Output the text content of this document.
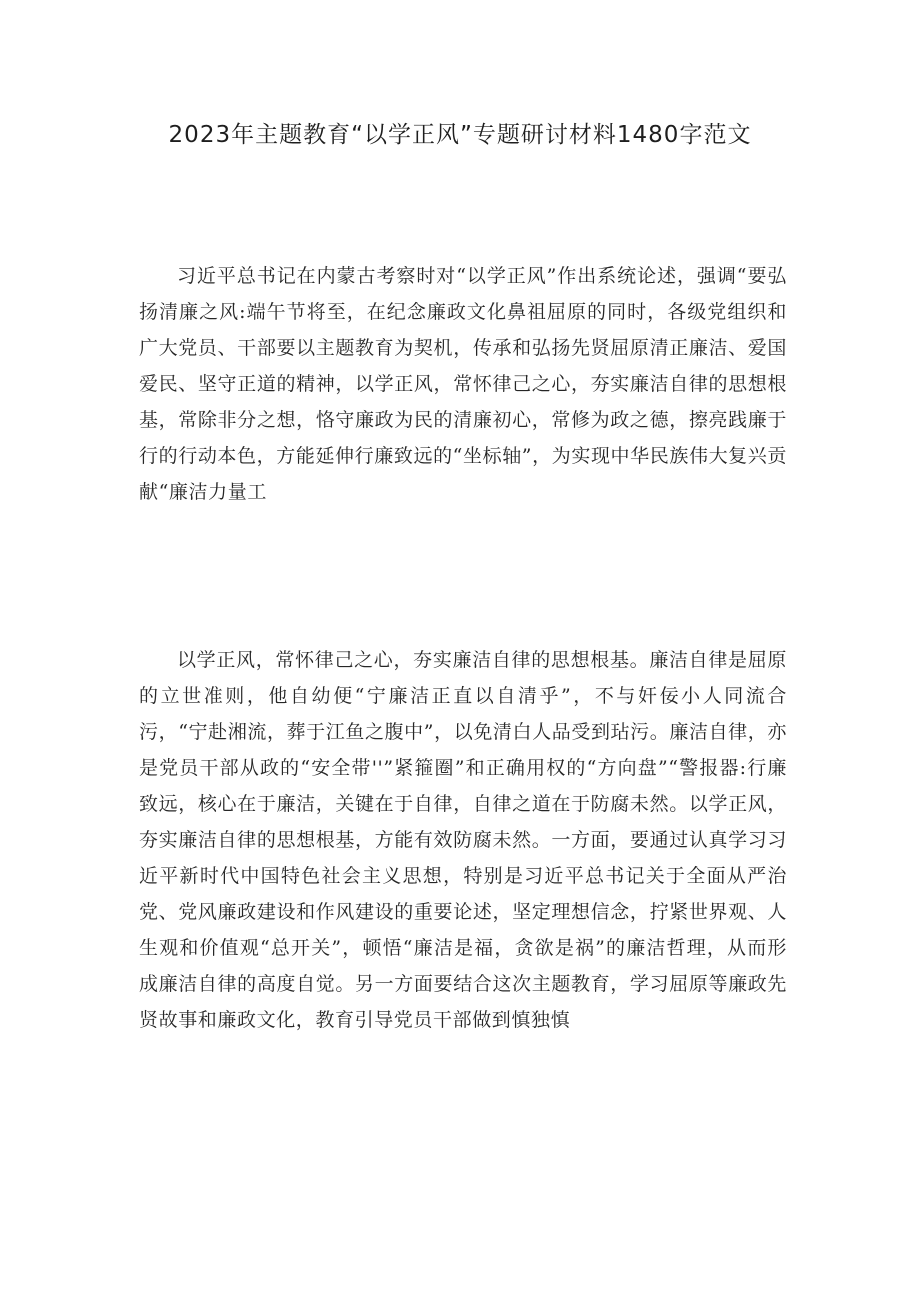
2023年主题教育“以学正风”专题研讨材料1480字范文

习近平总书记在内蒙古考察时对“以学正风”作出系统论述，强调“要弘扬清廉之风:端午节将至，在纪念廉政文化鼻祖屈原的同时，各级党组织和广大党员、干部要以主题教育为契机，传承和弘扬先贤屈原清正廉洁、爱国爱民、坚守正道的精神，以学正风，常怀律己之心，夯实廉洁自律的思想根基，常除非分之想，恪守廉政为民的清廉初心，常修为政之德，擦亮践廉于行的行动本色，方能延伸行廉致远的“坐标轴”，为实现中华民族伟大复兴贡献“廉洁力量工

以学正风，常怀律己之心，夯实廉洁自律的思想根基。廉洁自律是屈原的立世准则，他自幼便“宁廉洁正直以自清乎”，不与奸佞小人同流合污，“宁赴湘流，葬于江鱼之腹中”，以免清白人品受到玷污。廉洁自律，亦是党员干部从政的“安全带''”紧箍圈”和正确用权的“方向盘”“警报器:行廉致远，核心在于廉洁，关键在于自律，自律之道在于防腐未然。以学正风，夯实廉洁自律的思想根基，方能有效防腐未然。一方面，要通过认真学习习近平新时代中国特色社会主义思想，特别是习近平总书记关于全面从严治党、党风廉政建设和作风建设的重要论述，坚定理想信念，拧紧世界观、人生观和价值观“总开关”，顿悟“廉洁是福，贪欲是祸”的廉洁哲理，从而形成廉洁自律的高度自觉。另一方面要结合这次主题教育，学习屈原等廉政先贤故事和廉政文化，教育引导党员干部做到慎独慎
